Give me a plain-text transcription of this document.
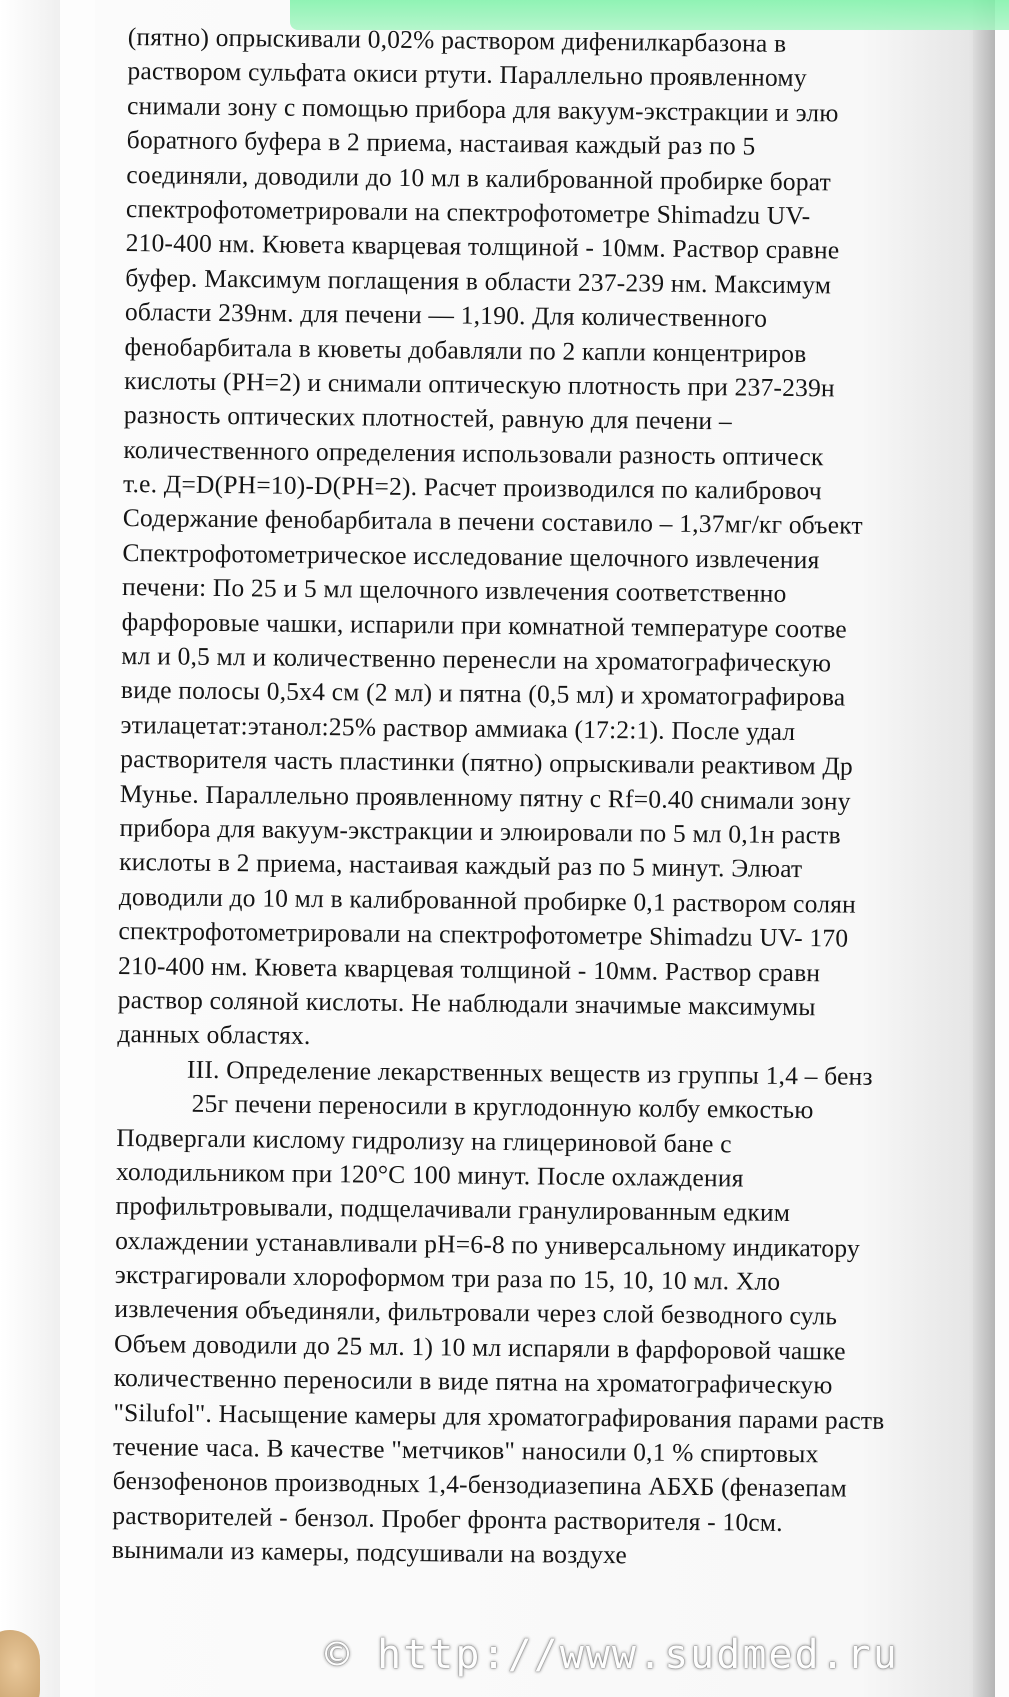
(пятно) опрыскивали 0,02% раствором дифенилкарбазона в
раствором сульфата окиси ртути. Параллельно проявленному
снимали зону с помощью прибора для вакуум-экстракции и элю
боратного буфера в 2 приема, настаивая каждый раз по 5
соединяли, доводили до 10 мл в калиброванной пробирке борат
спектрофотометрировали на спектрофотометре Shimadzu UV-
210-400 нм. Кювета кварцевая толщиной - 10мм. Раствор сравне
буфер. Максимум поглащения в области 237-239 нм. Максимум
области 239нм. для печени — 1,190. Для количественного
фенобарбитала в кюветы добавляли по 2 капли концентриров
кислоты (PH=2) и снимали оптическую плотность при 237-239н
разность оптических плотностей, равную для печени –
количественного определения использовали разность оптическ
т.е. Д=D(PH=10)-D(PH=2). Расчет производился по калибровоч
Содержание фенобарбитала в печени составило – 1,37мг/кг объект
Спектрофотометрическое исследование щелочного извлечения
печени: По 25 и 5 мл щелочного извлечения соответственно
фарфоровые чашки, испарили при комнатной температуре соотве
мл и 0,5 мл и количественно перенесли на хроматографическую
виде полосы 0,5х4 см (2 мл) и пятна (0,5 мл) и хроматографирова
этилацетат:этанол:25% раствор аммиака (17:2:1). После удал
растворителя часть пластинки (пятно) опрыскивали реактивом Др
Мунье. Параллельно проявленному пятну с Rf=0.40 снимали зону
прибора для вакуум-экстракции и элюировали по 5 мл 0,1н раств
кислоты в 2 приема, настаивая каждый раз по 5 минут. Элюат
доводили до 10 мл в калиброванной пробирке 0,1 раствором солян
спектрофотометрировали на спектрофотометре Shimadzu UV- 170
210-400 нм. Кювета кварцевая толщиной - 10мм. Раствор сравн
раствор соляной кислоты. Не наблюдали значимые максимумы
данных областях.
III. Определение лекарственных веществ из группы 1,4 – бенз
25г печени переносили в круглодонную колбу емкостью
Подвергали кислому гидролизу на глицериновой бане с
холодильником при 120°С 100 минут. После охлаждения
профильтровывали, подщелачивали гранулированным едким
охлаждении устанавливали рН=6-8 по универсальному индикатору
экстрагировали хлороформом три раза по 15, 10, 10 мл. Хло
извлечения объединяли, фильтровали через слой безводного суль
Объем доводили до 25 мл. 1) 10 мл испаряли в фарфоровой чашке
количественно переносили в виде пятна на хроматографическую
"Silufol". Насыщение камеры для хроматографирования парами раств
течение часа. В качестве "метчиков" наносили 0,1 % спиртовых
бензофенонов производных 1,4-бензодиазепина АБХБ (феназепам
растворителей - бензол. Пробег фронта растворителя - 10см.
вынимали из камеры, подсушивали на воздухе
© http://www.sudmed.ru
